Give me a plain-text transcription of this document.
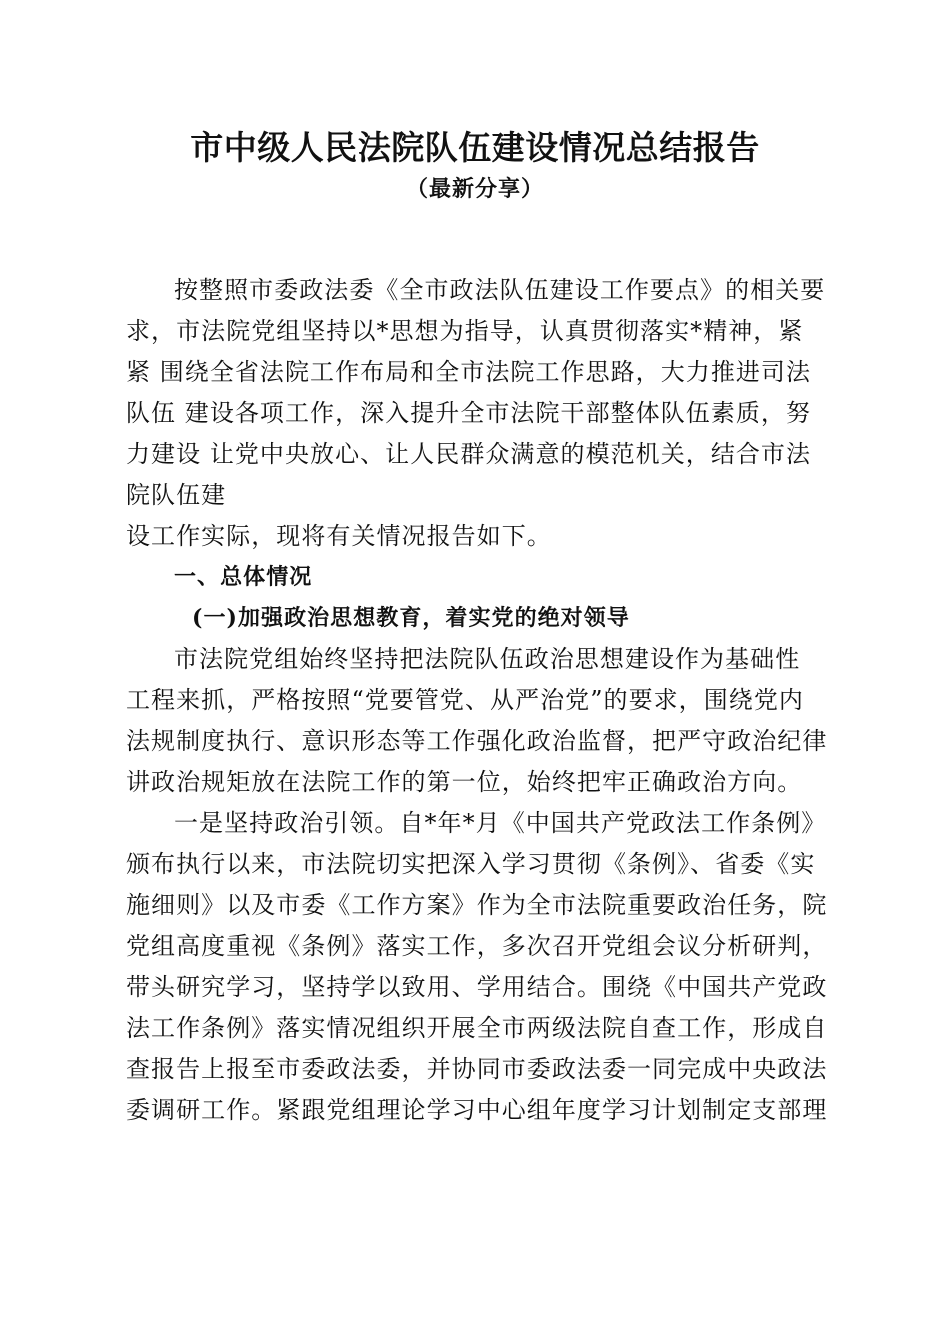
市中级人民法院队伍建设情况总结报告
（最新分享）
按整照市委政法委《全市政法队伍建设工作要点》的相关要
求，市法院党组坚持以*思想为指导，认真贯彻落实*精神，紧
紧 围绕全省法院工作布局和全市法院工作思路，大力推进司法
队伍 建设各项工作，深入提升全市法院干部整体队伍素质，努
力建设 让党中央放心、让人民群众满意的模范机关，结合市法
院队伍建
设工作实际，现将有关情况报告如下。
一、总体情况
(一)加强政治思想教育，着实党的绝对领导
市法院党组始终坚持把法院队伍政治思想建设作为基础性
工程来抓，严格按照“党要管党、从严治党”的要求，围绕党内
法规制度执行、意识形态等工作强化政治监督，把严守政治纪律
讲政治规矩放在法院工作的第一位，始终把牢正确政治方向。
一是坚持政治引领。自*年*月《中国共产党政法工作条例》
颁布执行以来，市法院切实把深入学习贯彻《条例》、省委《实
施细则》以及市委《工作方案》作为全市法院重要政治任务，院
党组高度重视《条例》落实工作，多次召开党组会议分析研判，
带头研究学习，坚持学以致用、学用结合。围绕《中国共产党政
法工作条例》落实情况组织开展全市两级法院自查工作，形成自
查报告上报至市委政法委，并协同市委政法委一同完成中央政法
委调研工作。紧跟党组理论学习中心组年度学习计划制定支部理
